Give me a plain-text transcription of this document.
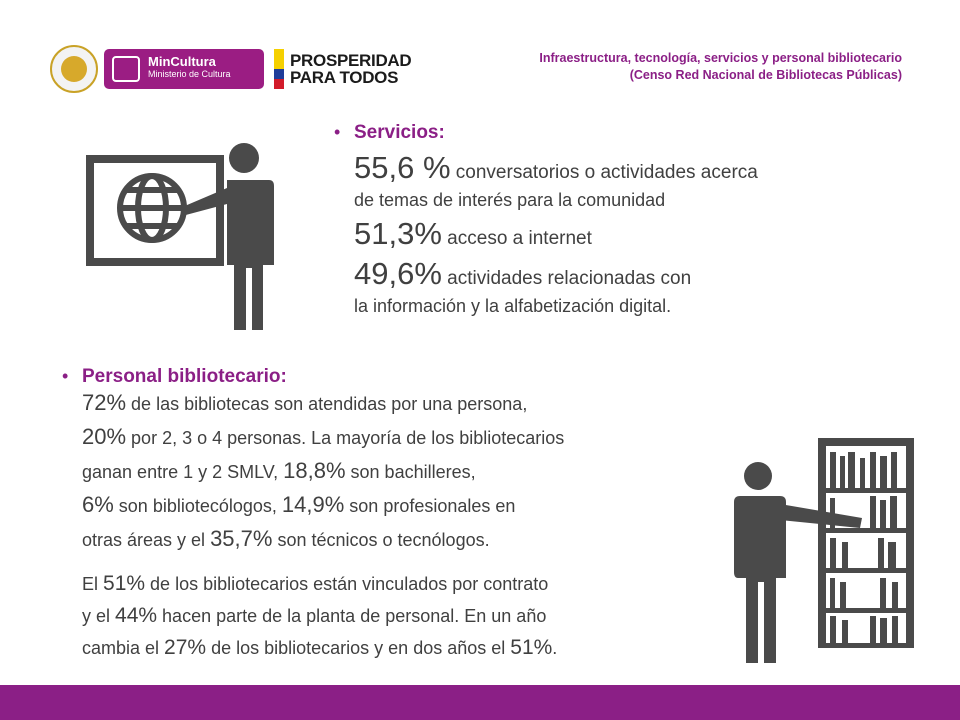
MinCultura
Ministerio de Cultura
PROSPERIDAD
PARA TODOS
Infraestructura, tecnología, servicios y personal bibliotecario
(Censo Red Nacional de Bibliotecas Públicas)
• Servicios:
55,6 % conversatorios o actividades acerca
de temas de interés para la comunidad
51,3% acceso a internet
49,6% actividades relacionadas con
la información y la alfabetización digital.
• Personal bibliotecario:
72% de las bibliotecas son atendidas por una persona,
20% por 2, 3 o 4 personas. La mayoría de los bibliotecarios
ganan entre 1 y 2 SMLV, 18,8% son bachilleres,
6% son bibliotecólogos, 14,9% son profesionales en
otras áreas y el 35,7% son técnicos o tecnólogos.
El 51% de los bibliotecarios están vinculados por contrato
y el 44% hacen parte de la planta de personal. En un año
cambia el 27% de los bibliotecarios y en dos años el 51%.
